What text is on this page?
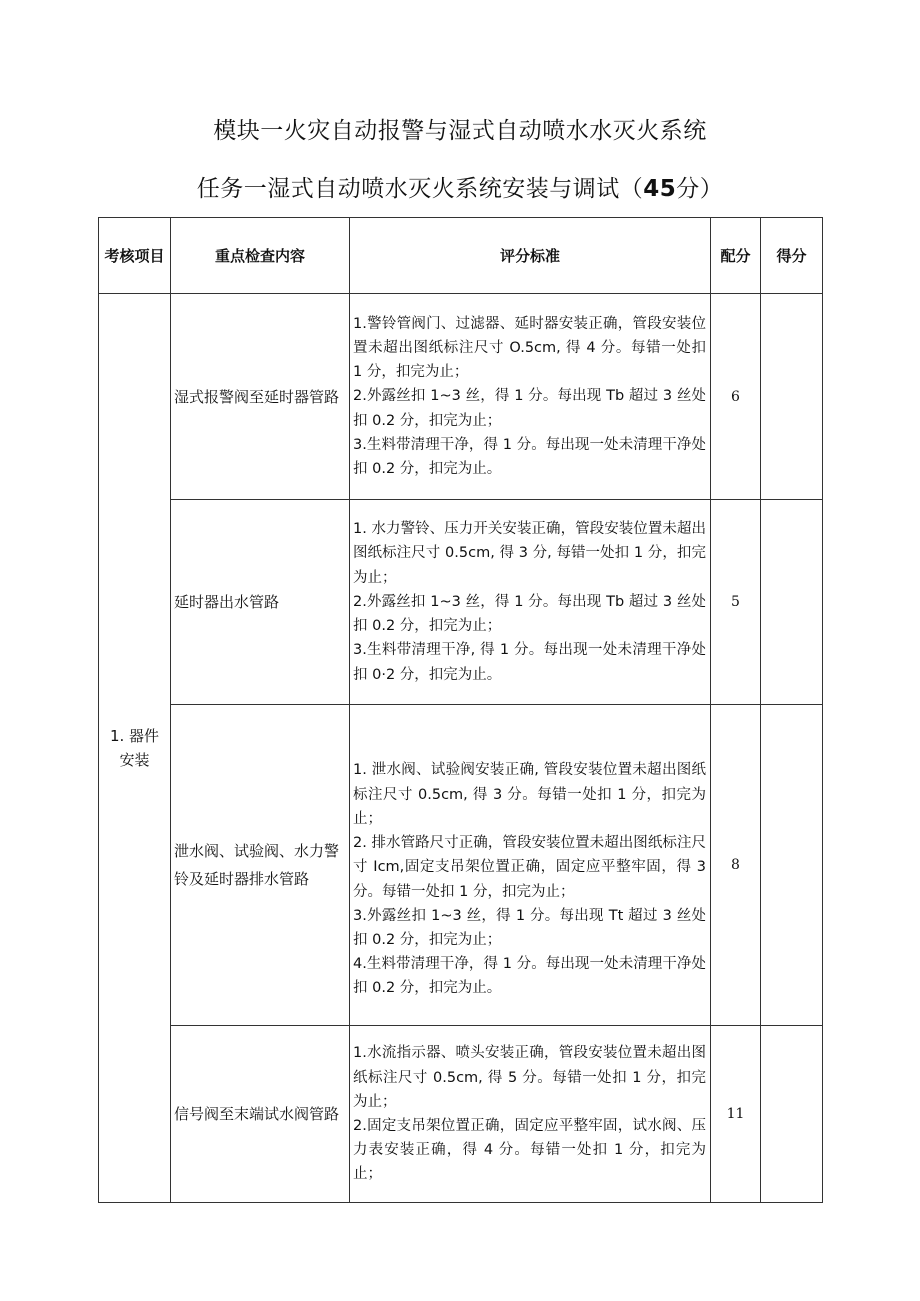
模块一火灾自动报警与湿式自动喷水水灭火系统
任务一湿式自动喷水灭火系统安装与调试（45分）
考核项目	重点检查内容	评分标准	配分	得分
1. 器件安装	湿式报警阀至延时器管路	1.警铃管阀门、过滤器、延时器安装正确，管段安装位置未超出图纸标注尺寸 O.5cm, 得 4 分。每错一处扣 1 分，扣完为止；
2.外露丝扣 1~3 丝，得 1 分。每出现 Tb 超过 3 丝处扣 0.2 分，扣完为止；
3.生料带清理干净，得 1 分。每出现一处未清理干净处扣 0.2 分，扣完为止。	6	
	延时器出水管路	1. 水力警铃、压力开关安装正确，管段安装位置未超出图纸标注尺寸 0.5cm, 得 3 分, 每错一处扣 1 分，扣完为止；
2.外露丝扣 1~3 丝，得 1 分。每出现 Tb 超过 3 丝处扣 0.2 分，扣完为止；
3.生料带清理干净, 得 1 分。每出现一处未清理干净处扣 0·2 分，扣完为止。	5	
	泄水阀、试验阀、水力警铃及延时器排水管路	1. 泄水阀、试验阀安装正确, 管段安装位置未超出图纸标注尺寸 0.5cm, 得 3 分。每错一处扣 1 分，扣完为止；
2. 排水管路尺寸正确，管段安装位置未超出图纸标注尺寸 Icm,固定支吊架位置正确，固定应平整牢固，得 3 分。每错一处扣 1 分，扣完为止；
3.外露丝扣 1~3 丝，得 1 分。每出现 Tt 超过 3 丝处扣 0.2 分，扣完为止；
4.生料带清理干净，得 1 分。每出现一处未清理干净处扣 0.2 分，扣完为止。	8	
	信号阀至末端试水阀管路	1.水流指示器、喷头安装正确，管段安装位置未超出图纸标注尺寸 0.5cm, 得 5 分。每错一处扣 1 分，扣完为止；
2.固定支吊架位置正确，固定应平整牢固，试水阀、压力表安装正确，得 4 分。每错一处扣 1 分，扣完为止；	11	
